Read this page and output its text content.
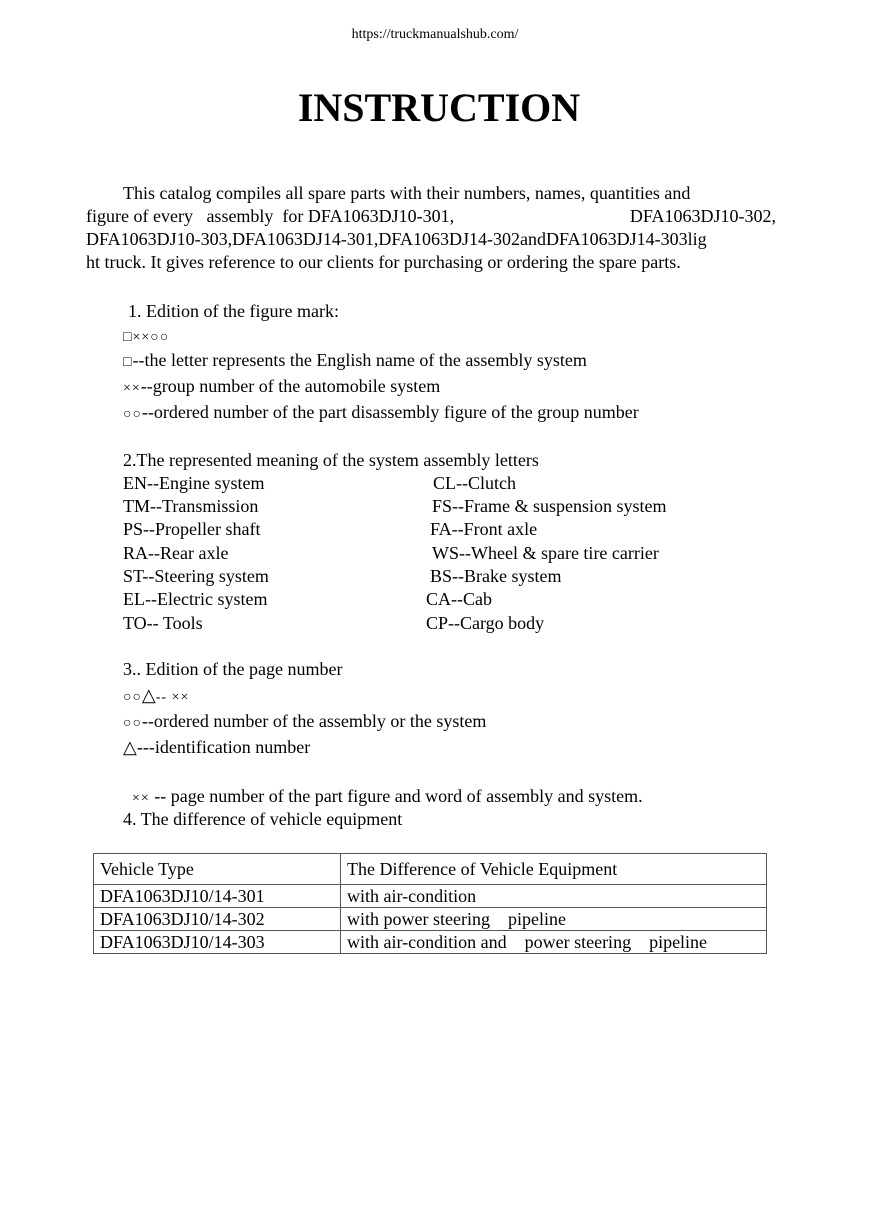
https://truckmanualshub.com/
INSTRUCTION

This catalog compiles all spare parts with their numbers, names, quantities and

figure of every   assembly  for DFA1063DJ10-301,	DFA1063DJ10-302,

DFA1063DJ10-303,DFA1063DJ14-301,DFA1063DJ14-302andDFA1063DJ14-303lig

ht truck. It gives reference to our clients for purchasing or ordering the spare parts.

1. Edition of the figure mark:
□××○○
□--the letter represents the English name of the assembly system
××--group number of the automobile system
○○--ordered number of the part disassembly figure of the group number
2.The represented meaning of the system assembly letters
EN--Engine system	CL--Clutch
TM--Transmission	FS--Frame & suspension system
PS--Propeller shaft	FA--Front axle
RA--Rear axle	WS--Wheel & spare tire carrier
ST--Steering system	BS--Brake system
EL--Electric system	CA--Cab
TO-- Tools	CP--Cargo body
3.. Edition of the page number
○○△-- ××
○○--ordered number of the assembly or the system
△---identification number

×× -- page number of the part figure and word of assembly and system.

4. The difference of vehicle equipment
Vehicle Type	The Difference of Vehicle Equipment
DFA1063DJ10/14-301	with air-condition
DFA1063DJ10/14-302	with power steering    pipeline
DFA1063DJ10/14-303	with air-condition and    power steering    pipeline
